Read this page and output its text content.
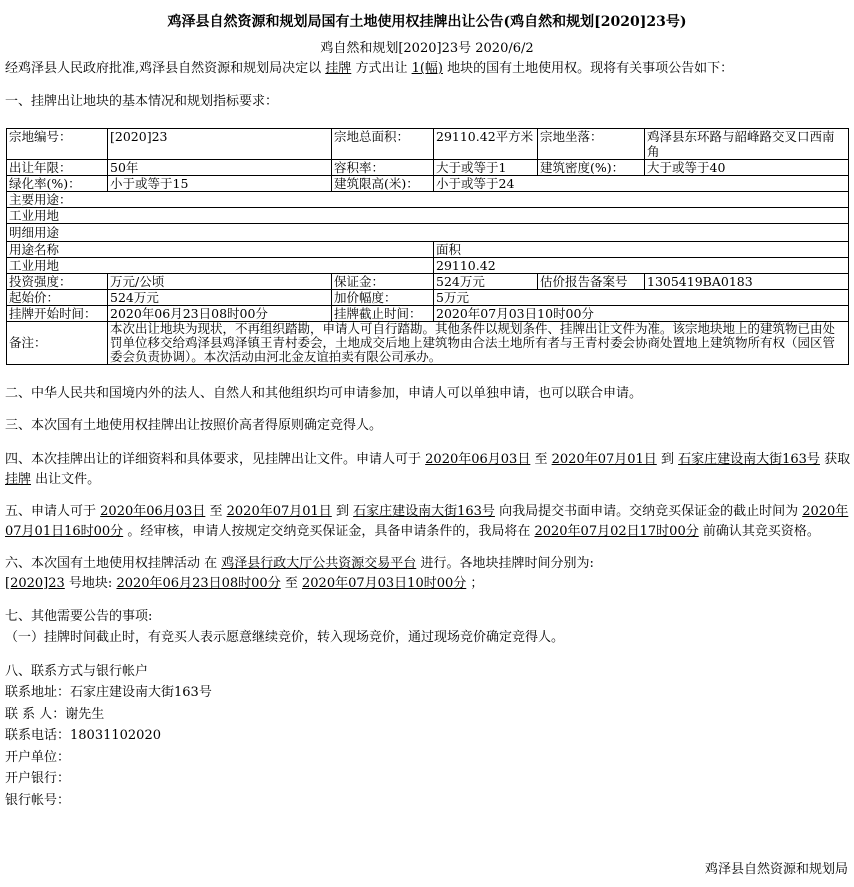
鸡泽县自然资源和规划局国有土地使用权挂牌出让公告(鸡自然和规划[2020]23号)
鸡自然和规划[2020]23号 2020/6/2

经鸡泽县人民政府批准,鸡泽县自然资源和规划局决定以 挂牌 方式出让 1(幅) 地块的国有土地使用权。现将有关事项公告如下：

一、挂牌出让地块的基本情况和规划指标要求：

宗地编号：	[2020]23	宗地总面积：	29110.42平方米	宗地坐落：	鸡泽县东环路与韶峰路交叉口西南角
出让年限：	50年	容积率：	大于或等于1	建筑密度(%)：	大于或等于40
绿化率(%)：	小于或等于15	建筑限高(米)：	小于或等于24		
主要用途：					
工业用地					
明细用途					
用途名称			面积		
工业用地			29110.42		
投资强度：	万元/公顷	保证金：	524万元	估价报告备案号	1305419BA0183
起始价：	524万元	加价幅度：	5万元		
挂牌开始时间：	2020年06月23日08时00分	挂牌截止时间：	2020年07月03日10时00分		
备注：	本次出让地块为现状，不再组织踏勘，申请人可自行踏勘。其他条件以规划条件、挂牌出让文件为准。该宗地块地上的建筑物已由处罚单位移交给鸡泽县鸡泽镇王青村委会，土地成交后地上建筑物由合法土地所有者与王青村委会协商处置地上建筑物所有权（园区管委会负责协调）。本次活动由河北金友谊拍卖有限公司承办。				

二、中华人民共和国境内外的法人、自然人和其他组织均可申请参加，申请人可以单独申请，也可以联合申请。

三、本次国有土地使用权挂牌出让按照价高者得原则确定竞得人。

四、本次挂牌出让的详细资料和具体要求，见挂牌出让文件。申请人可于 2020年06月03日 至 2020年07月01日 到 石家庄建设南大街163号 获取 挂牌 出让文件。

五、申请人可于 2020年06月03日 至 2020年07月01日 到 石家庄建设南大街163号 向我局提交书面申请。交纳竞买保证金的截止时间为 2020年07月01日16时00分 。经审核，申请人按规定交纳竞买保证金，具备申请条件的，我局将在 2020年07月02日17时00分 前确认其竞买资格。

六、本次国有土地使用权挂牌活动 在 鸡泽县行政大厅公共资源交易平台 进行。各地块挂牌时间分别为:
[2020]23 号地块: 2020年06月23日08时00分 至 2020年07月03日10时00分 ；

七、其他需要公告的事项:
（一）挂牌时间截止时，有竞买人表示愿意继续竞价，转入现场竞价，通过现场竞价确定竞得人。

八、联系方式与银行帐户
联系地址：石家庄建设南大街163号
联 系 人：谢先生
联系电话：18031102020
开户单位：
开户银行：
银行帐号：

鸡泽县自然资源和规划局
